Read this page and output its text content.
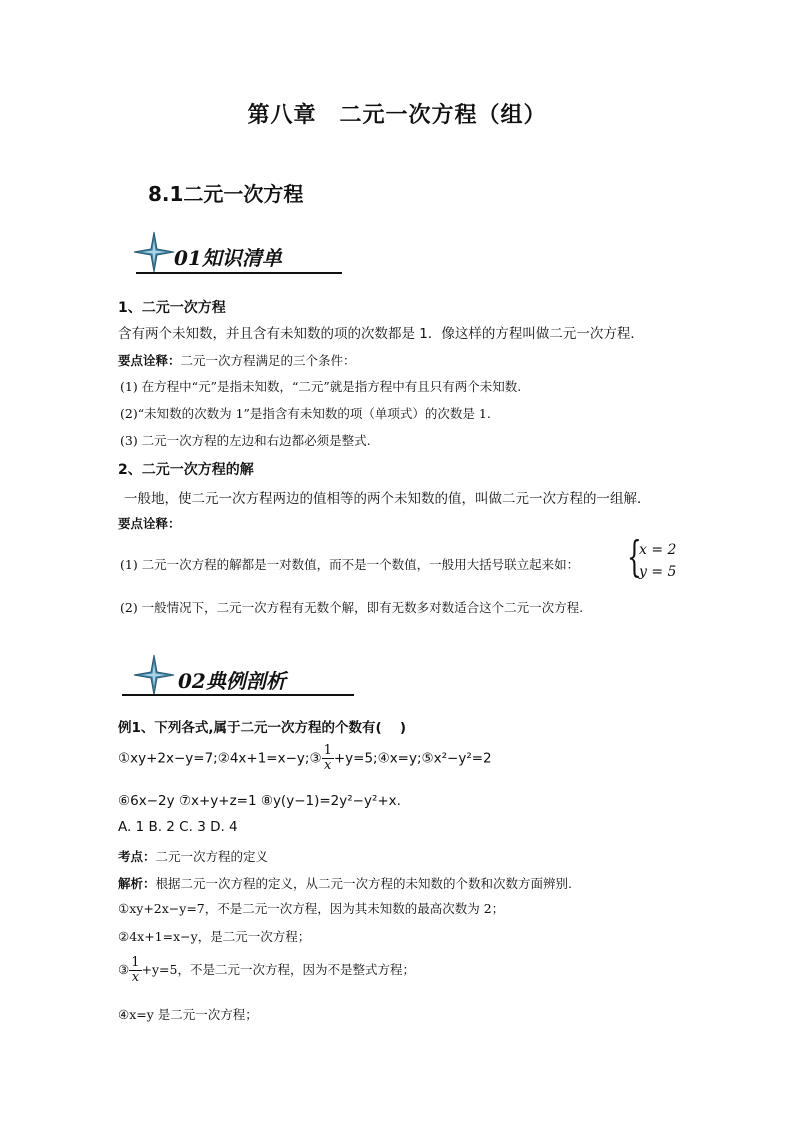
第八章　二元一次方程（组）
8.1二元一次方程
01知识清单
1、二元一次方程
含有两个未知数，并且含有未知数的项的次数都是 1．像这样的方程叫做二元一次方程．
要点诠释：二元一次方程满足的三个条件：
(1) 在方程中“元”是指未知数，“二元”就是指方程中有且只有两个未知数.
(2)“未知数的次数为 1”是指含有未知数的项（单项式）的次数是 1.
(3) 二元一次方程的左边和右边都必须是整式.
2、二元一次方程的解
一般地，使二元一次方程两边的值相等的两个未知数的值，叫做二元一次方程的一组解．
要点诠释：
(1) 二元一次方程的解都是一对数值，而不是一个数值，一般用大括号联立起来如： {
x = 2
y = 5
(2) 一般情况下，二元一次方程有无数个解，即有无数多对数适合这个二元一次方程.
02典例剖析
例1、下列各式,属于二元一次方程的个数有(　 )
①xy+2x−y=7;②4x+1=x−y;③ $\frac{1}{x}$ +y=5;④x=y;⑤x²−y²=2
⑥6x−2y ⑦x+y+z=1 ⑧y(y−1)=2y²−y²+x.
A. 1 B. 2 C. 3 D. 4
考点：二元一次方程的定义
解析：根据二元一次方程的定义，从二元一次方程的未知数的个数和次数方面辨别.
①xy+2x−y=7，不是二元一次方程，因为其未知数的最高次数为 2；
②4x+1=x−y，是二元一次方程；
③ $\frac{1}{x} +y=5$，不是二元一次方程，因为不是整式方程；
④x=y 是二元一次方程；
